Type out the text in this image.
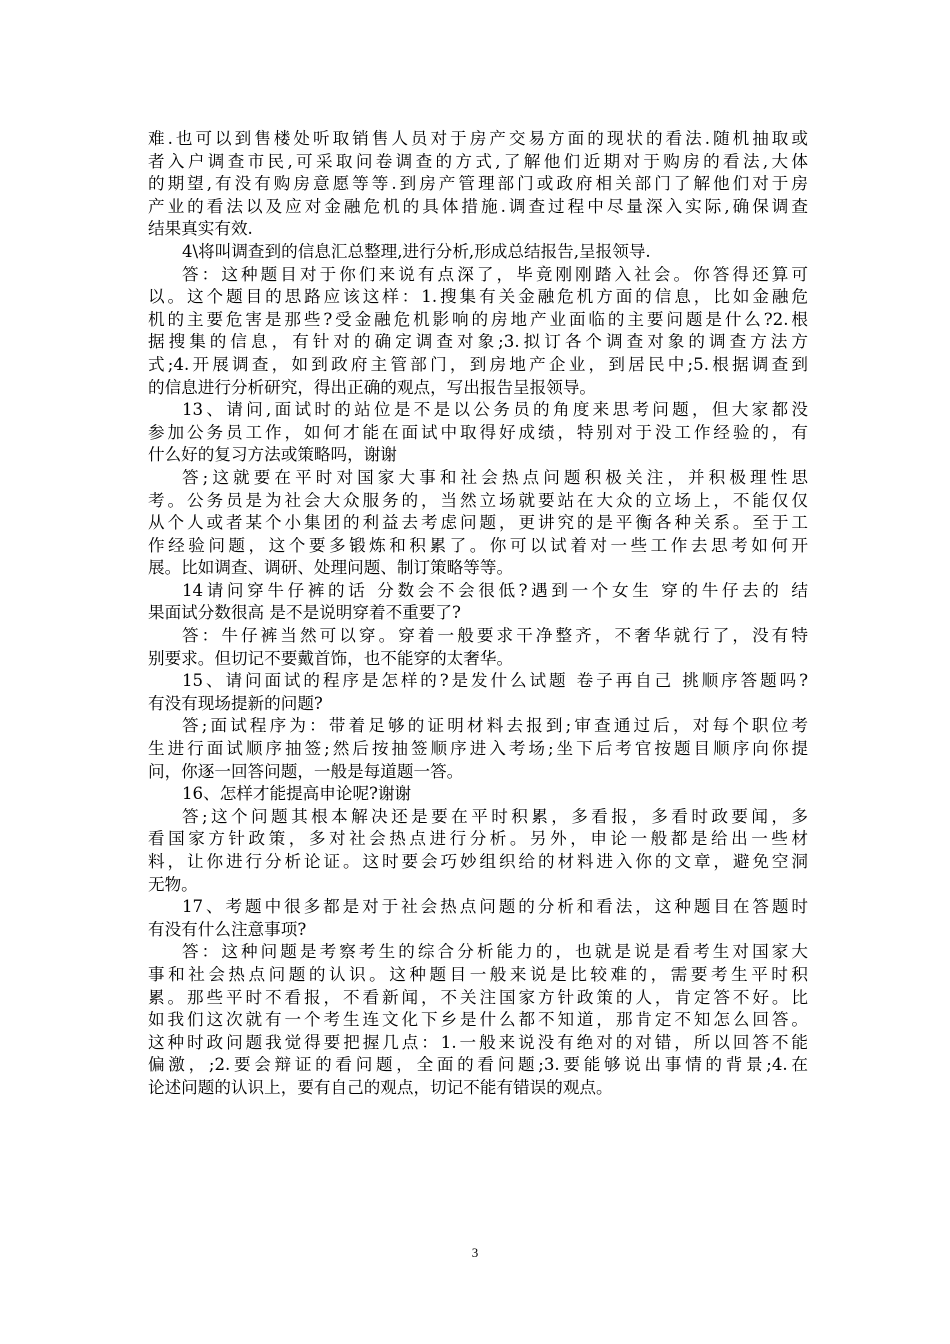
难.也可以到售楼处听取销售人员对于房产交易方面的现状的看法.随机抽取或
者入户调查市民,可采取问卷调查的方式,了解他们近期对于购房的看法,大体
的期望,有没有购房意愿等等.到房产管理部门或政府相关部门了解他们对于房
产业的看法以及应对金融危机的具体措施.调查过程中尽量深入实际,确保调查
结果真实有效.
4\将叫调查到的信息汇总整理,进行分析,形成总结报告,呈报领导.
答：这种题目对于你们来说有点深了，毕竟刚刚踏入社会。你答得还算可
以。这个题目的思路应该这样：1.搜集有关金融危机方面的信息，比如金融危
机的主要危害是那些?受金融危机影响的房地产业面临的主要问题是什么?2.根
据搜集的信息，有针对的确定调查对象;3.拟订各个调查对象的调查方法方
式;4.开展调查，如到政府主管部门，到房地产企业，到居民中;5.根据调查到
的信息进行分析研究，得出正确的观点，写出报告呈报领导。
13、请问,面试时的站位是不是以公务员的角度来思考问题，但大家都没
参加公务员工作，如何才能在面试中取得好成绩，特别对于没工作经验的，有
什么好的复习方法或策略吗，谢谢
答;这就要在平时对国家大事和社会热点问题积极关注，并积极理性思
考。公务员是为社会大众服务的，当然立场就要站在大众的立场上，不能仅仅
从个人或者某个小集团的利益去考虑问题，更讲究的是平衡各种关系。至于工
作经验问题，这个要多锻炼和积累了。你可以试着对一些工作去思考如何开
展。比如调查、调研、处理问题、制订策略等等。
14请问穿牛仔裤的话 分数会不会很低?遇到一个女生 穿的牛仔去的 结
果面试分数很高 是不是说明穿着不重要了?
答：牛仔裤当然可以穿。穿着一般要求干净整齐，不奢华就行了，没有特
别要求。但切记不要戴首饰，也不能穿的太奢华。
15、请问面试的程序是怎样的?是发什么试题 卷子再自己 挑顺序答题吗?
有没有现场提新的问题?
答;面试程序为：带着足够的证明材料去报到;审查通过后，对每个职位考
生进行面试顺序抽签;然后按抽签顺序进入考场;坐下后考官按题目顺序向你提
问，你逐一回答问题，一般是每道题一答。
16、怎样才能提高申论呢?谢谢
答;这个问题其根本解决还是要在平时积累，多看报，多看时政要闻，多
看国家方针政策，多对社会热点进行分析。另外，申论一般都是给出一些材
料，让你进行分析论证。这时要会巧妙组织给的材料进入你的文章，避免空洞
无物。
17、考题中很多都是对于社会热点问题的分析和看法，这种题目在答题时
有没有什么注意事项?
答：这种问题是考察考生的综合分析能力的，也就是说是看考生对国家大
事和社会热点问题的认识。这种题目一般来说是比较难的，需要考生平时积
累。那些平时不看报，不看新闻，不关注国家方针政策的人，肯定答不好。比
如我们这次就有一个考生连文化下乡是什么都不知道，那肯定不知怎么回答。
这种时政问题我觉得要把握几点：1.一般来说没有绝对的对错，所以回答不能
偏激，;2.要会辩证的看问题，全面的看问题;3.要能够说出事情的背景;4.在
论述问题的认识上，要有自己的观点，切记不能有错误的观点。
3
